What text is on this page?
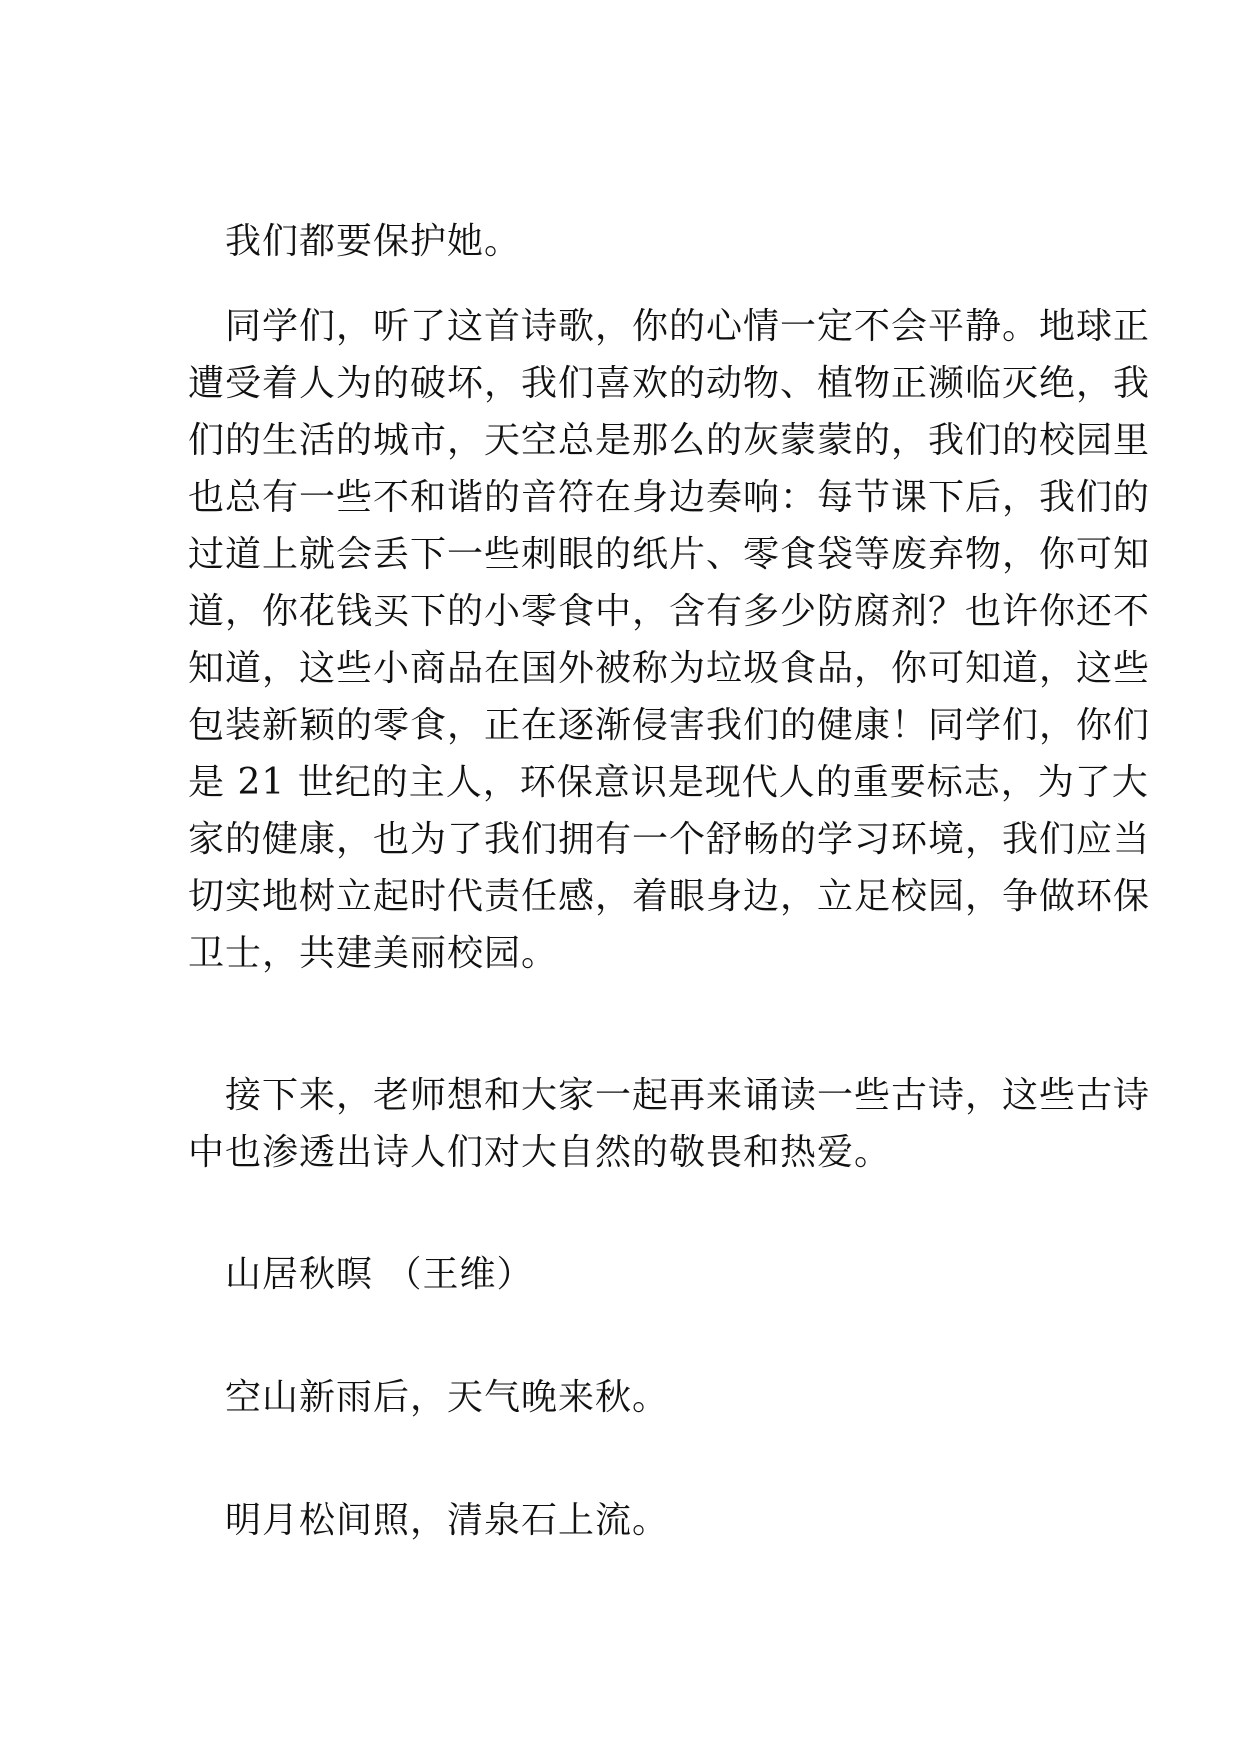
　我们都要保护她。
　同学们，听了这首诗歌，你的心情一定不会平静。地球正
遭受着人为的破坏，我们喜欢的动物、植物正濒临灭绝，我
们的生活的城市，天空总是那么的灰蒙蒙的，我们的校园里
也总有一些不和谐的音符在身边奏响：每节课下后，我们的
过道上就会丢下一些刺眼的纸片、零食袋等废弃物，你可知
道，你花钱买下的小零食中，含有多少防腐剂？也许你还不
知道，这些小商品在国外被称为垃圾食品，你可知道，这些
包装新颖的零食，正在逐渐侵害我们的健康！同学们，你们
是 21 世纪的主人，环保意识是现代人的重要标志，为了大
家的健康，也为了我们拥有一个舒畅的学习环境，我们应当
切实地树立起时代责任感，着眼身边，立足校园，争做环保
卫士，共建美丽校园。
　接下来，老师想和大家一起再来诵读一些古诗，这些古诗
中也渗透出诗人们对大自然的敬畏和热爱。
　山居秋暝 （王维）
　空山新雨后，天气晚来秋。
　明月松间照，清泉石上流。
